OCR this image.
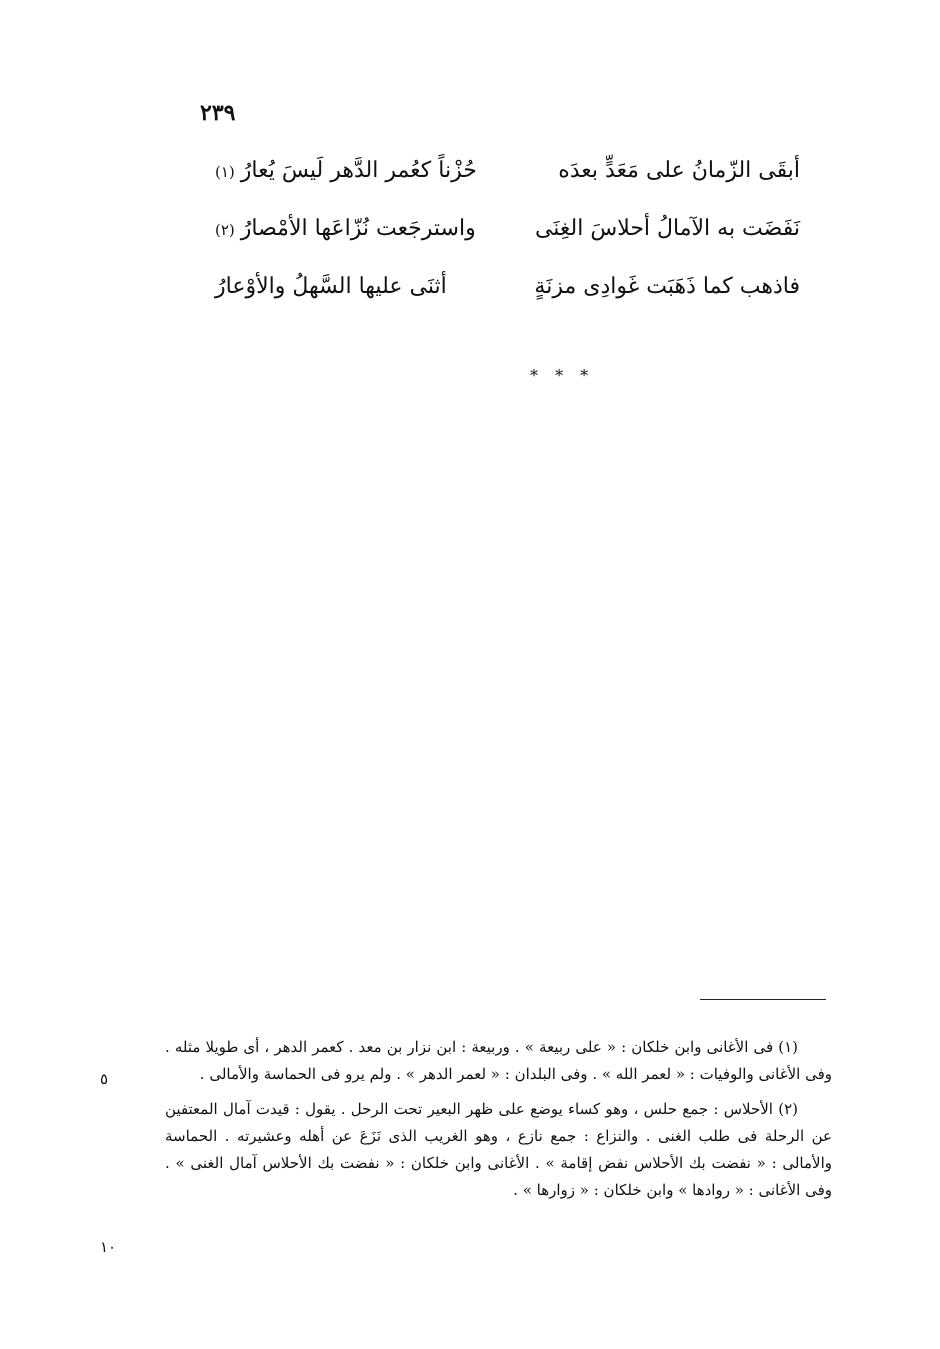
٢٣٩
أبقَى الزّمانُ على مَعَدٍّ بعدَه
حُزْناً كعُمر الدَّهر لَيسَ يُعارُ(١)
نَفَضَت به الآمالُ أحلاسَ الغِنَى
واسترجَعت نُزّاعَها الأمْصارُ(٢)
فاذهب كما ذَهَبَت غَوادِى مزنَةٍ
أثنَى عليها السَّهلُ والأوْعارُ
* * *

(١) فى الأغانى وابن خلكان : « على ربيعة » . وربيعة : ابن نزار بن معد . كعمر الدهر ، أى طويلا مثله . وفى الأغانى والوفيات : « لعمر الله » . وفى البلدان : « لعمر الدهر » . ولم يرو فى الحماسة والأمالى .

(٢) الأحلاس : جمع حلس ، وهو كساء يوضع على ظهر البعير تحت الرحل . يقول : قيدت آمال المعتفين عن الرحلة فى طلب الغنى . والنزاع : جمع نازع ، وهو الغريب الذى نَزَعَ عن أهله وعشيرته . الحماسة والأمالى : « نفضت بك الأحلاس نفض إقامة » . الأغانى وابن خلكان : « نفضت بك الأحلاس آمال الغنى » . وفى الأغانى : « روادها » وابن خلكان : « زوارها » .

٥
١٠
